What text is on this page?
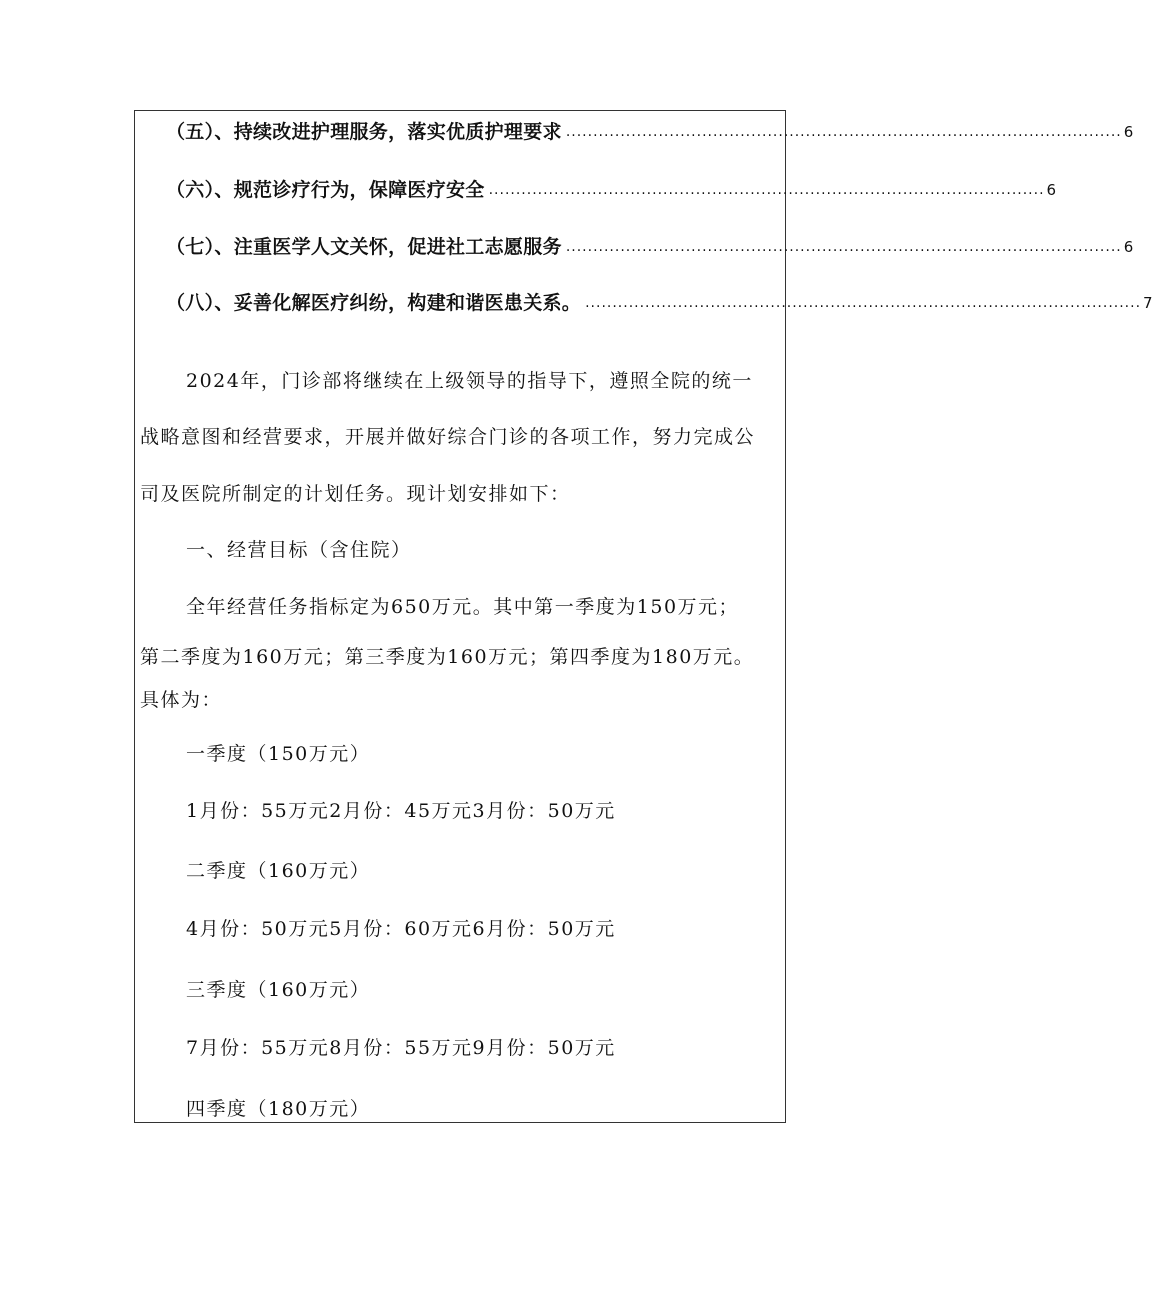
（五）、持续改进护理服务，落实优质护理要求 ...................................................................................................... 6
（六）、规范诊疗行为，保障医疗安全 ...................................................................................................... 6
（七）、注重医学人文关怀，促进社工志愿服务 ...................................................................................................... 6
（八）、妥善化解医疗纠纷，构建和谐医患关系。 ...................................................................................................... 7
2024年，门诊部将继续在上级领导的指导下，遵照全院的统一
战略意图和经营要求，开展并做好综合门诊的各项工作，努力完成公
司及医院所制定的计划任务。现计划安排如下：
一、经营目标（含住院）
全年经营任务指标定为650万元。其中第一季度为150万元；
第二季度为160万元；第三季度为160万元；第四季度为180万元。
具体为：
一季度（150万元）
1月份：55万元2月份：45万元3月份：50万元
二季度（160万元）
4月份：50万元5月份：60万元6月份：50万元
三季度（160万元）
7月份：55万元8月份：55万元9月份：50万元
四季度（180万元）
